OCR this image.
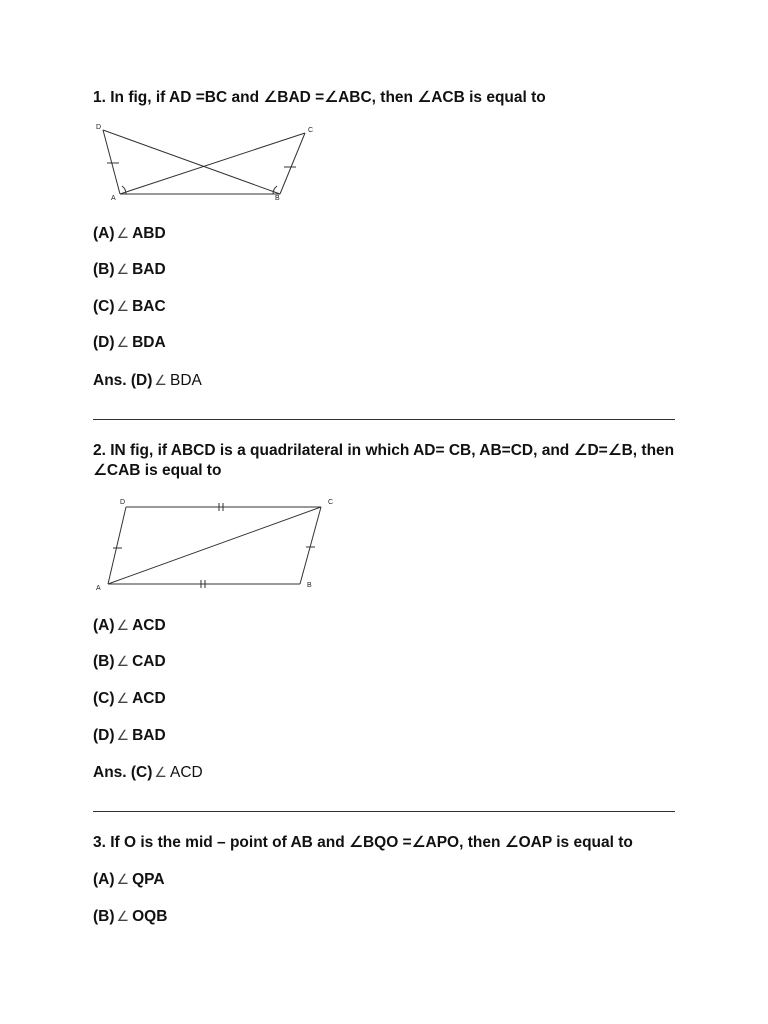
1. In fig, if AD =BC and ∠BAD =∠ABC, then ∠ACB is equal to
D	C
A	B
(A) ∠ ABD
(B) ∠ BAD
(C) ∠ BAC
(D) ∠ BDA
Ans. (D) ∠ BDA
2. IN fig, if ABCD is a quadrilateral in which AD= CB, AB=CD, and ∠D=∠B, then ∠CAB is equal to
D	C
A	B
(A) ∠ ACD
(B) ∠ CAD
(C) ∠ ACD
(D) ∠ BAD
Ans. (C) ∠ ACD
3. If O is the mid – point of AB and ∠BQO =∠APO, then ∠OAP is equal to
(A) ∠ QPA
(B) ∠ OQB
